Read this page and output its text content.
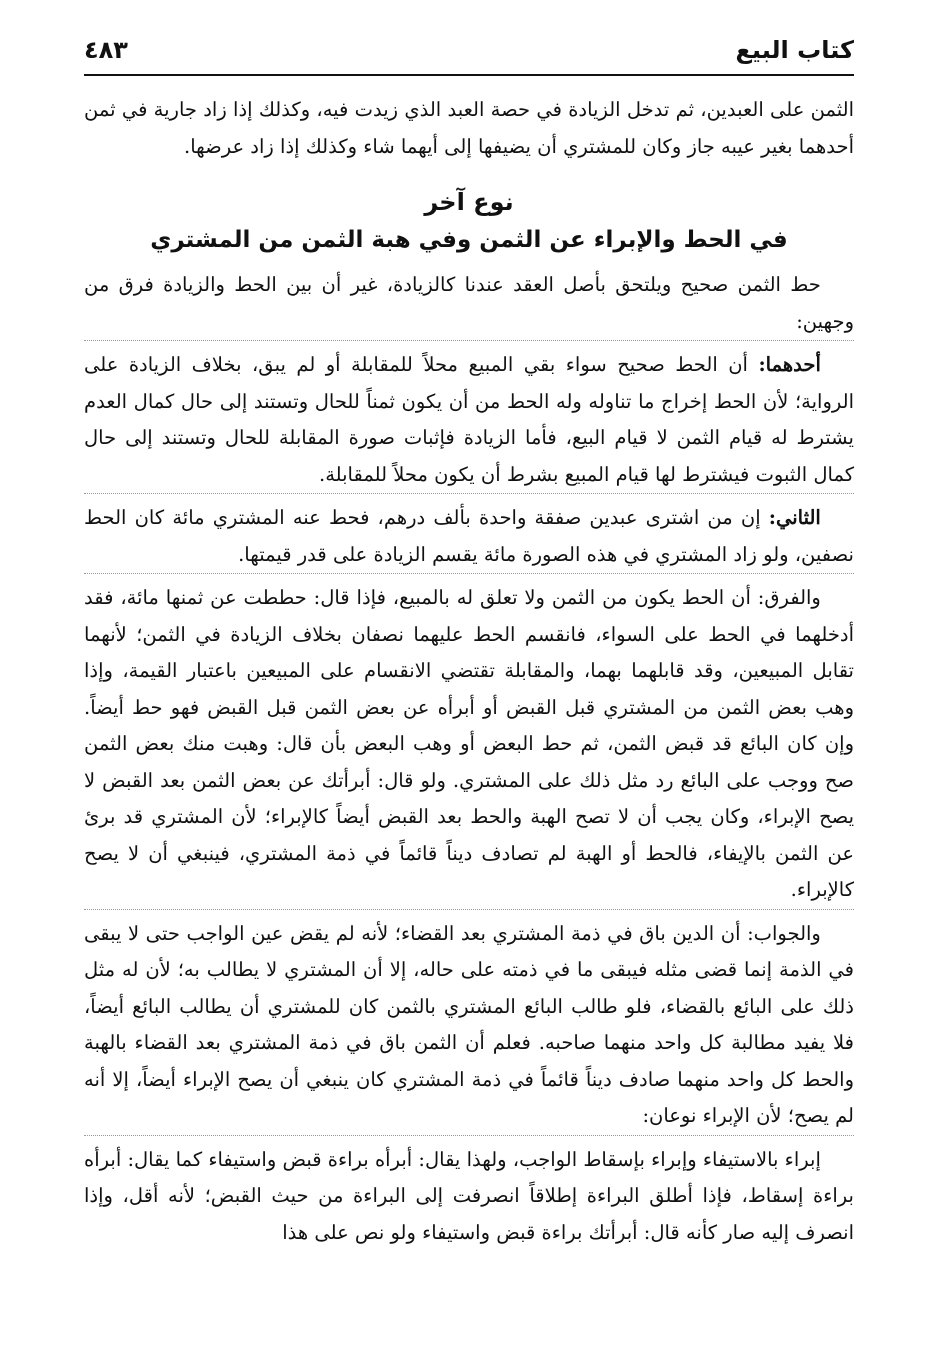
كتاب البيع
٤٨٣

الثمن على العبدين، ثم تدخل الزيادة في حصة العبد الذي زيدت فيه، وكذلك إذا زاد جارية في ثمن أحدهما بغير عيبه جاز وكان للمشتري أن يضيفها إلى أيهما شاء وكذلك إذا زاد عرضها.

نوع آخر
في الحط والإبراء عن الثمن وفي هبة الثمن من المشتري

حط الثمن صحيح ويلتحق بأصل العقد عندنا كالزيادة، غير أن بين الحط والزيادة فرق من وجهين:

أحدهما: أن الحط صحيح سواء بقي المبيع محلاً للمقابلة أو لم يبق، بخلاف الزيادة على الرواية؛ لأن الحط إخراج ما تناوله وله الحط من أن يكون ثمناً للحال وتستند إلى حال كمال العدم يشترط له قيام الثمن لا قيام البيع، فأما الزيادة فإثبات صورة المقابلة للحال وتستند إلى حال كمال الثبوت فيشترط لها قيام المبيع بشرط أن يكون محلاً للمقابلة.

الثاني: إن من اشترى عبدين صفقة واحدة بألف درهم، فحط عنه المشتري مائة كان الحط نصفين، ولو زاد المشتري في هذه الصورة مائة يقسم الزيادة على قدر قيمتها.

والفرق: أن الحط يكون من الثمن ولا تعلق له بالمبيع، فإذا قال: حططت عن ثمنها مائة، فقد أدخلهما في الحط على السواء، فانقسم الحط عليهما نصفان بخلاف الزيادة في الثمن؛ لأنهما تقابل المبيعين، وقد قابلهما بهما، والمقابلة تقتضي الانقسام على المبيعين باعتبار القيمة، وإذا وهب بعض الثمن من المشتري قبل القبض أو أبرأه عن بعض الثمن قبل القبض فهو حط أيضاً. وإن كان البائع قد قبض الثمن، ثم حط البعض أو وهب البعض بأن قال: وهبت منك بعض الثمن صح ووجب على البائع رد مثل ذلك على المشتري. ولو قال: أبرأتك عن بعض الثمن بعد القبض لا يصح الإبراء، وكان يجب أن لا تصح الهبة والحط بعد القبض أيضاً كالإبراء؛ لأن المشتري قد برئ عن الثمن بالإيفاء، فالحط أو الهبة لم تصادف ديناً قائماً في ذمة المشتري، فينبغي أن لا يصح كالإبراء.

والجواب: أن الدين باق في ذمة المشتري بعد القضاء؛ لأنه لم يقض عين الواجب حتى لا يبقى في الذمة إنما قضى مثله فيبقى ما في ذمته على حاله، إلا أن المشتري لا يطالب به؛ لأن له مثل ذلك على البائع بالقضاء، فلو طالب البائع المشتري بالثمن كان للمشتري أن يطالب البائع أيضاً، فلا يفيد مطالبة كل واحد منهما صاحبه. فعلم أن الثمن باق في ذمة المشتري بعد القضاء بالهبة والحط كل واحد منهما صادف ديناً قائماً في ذمة المشتري كان ينبغي أن يصح الإبراء أيضاً، إلا أنه لم يصح؛ لأن الإبراء نوعان:

إبراء بالاستيفاء وإبراء بإسقاط الواجب، ولهذا يقال: أبرأه براءة قبض واستيفاء كما يقال: أبرأه براءة إسقاط، فإذا أطلق البراءة إطلاقاً انصرفت إلى البراءة من حيث القبض؛ لأنه أقل، وإذا انصرف إليه صار كأنه قال: أبرأتك براءة قبض واستيفاء ولو نص على هذا
